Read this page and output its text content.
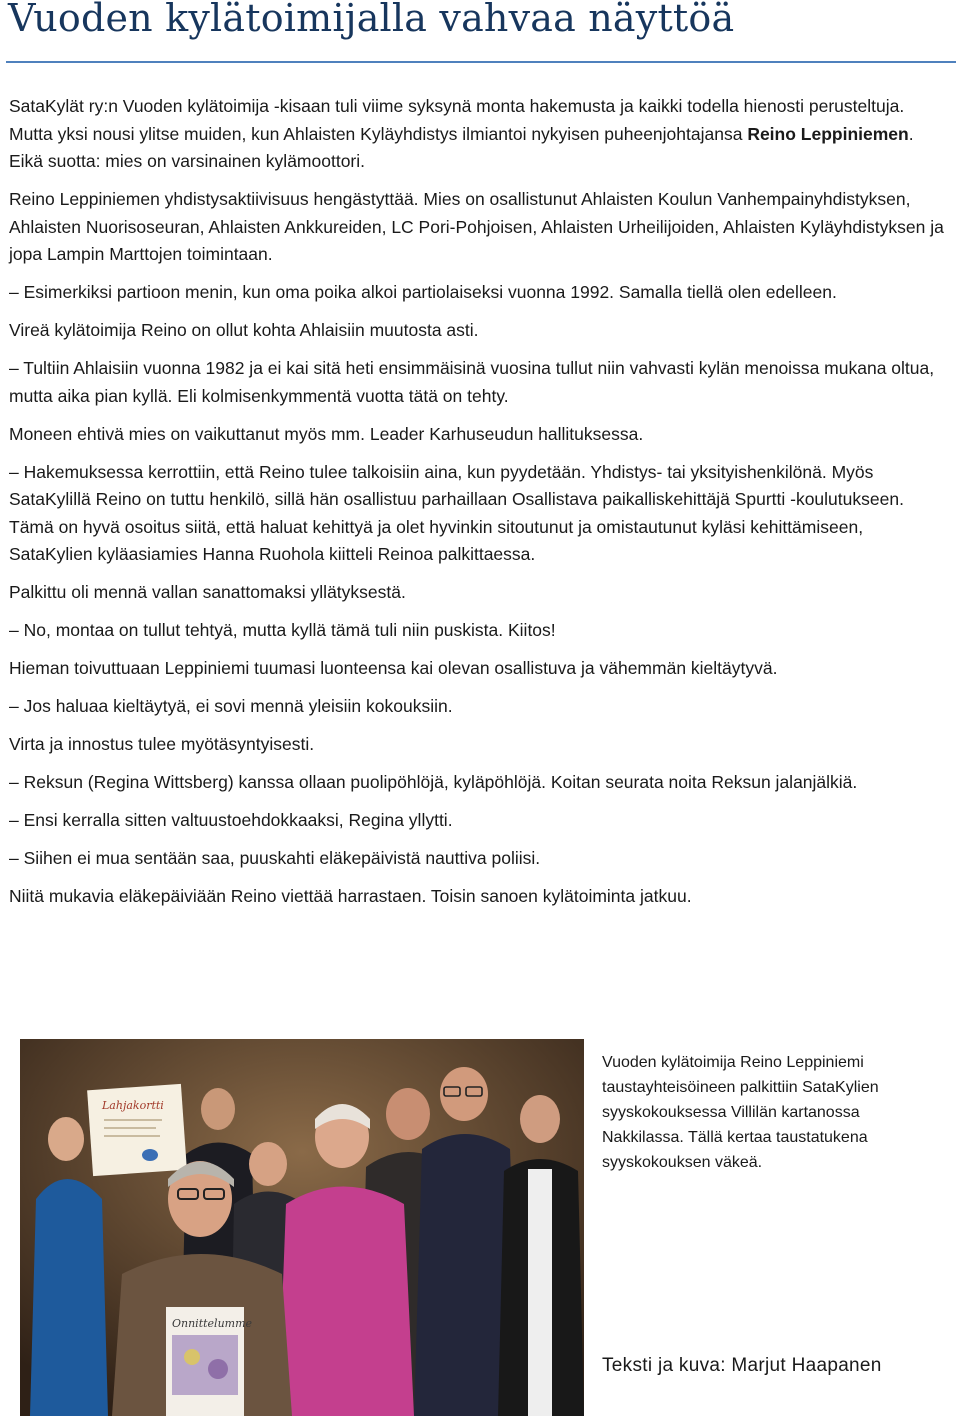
Vuoden kylätoimijalla vahvaa näyttöä

SataKylät ry:n Vuoden kylätoimija -kisaan tuli viime syksynä monta hakemusta ja kaikki todella hienosti perusteltuja. Mutta yksi nousi ylitse muiden, kun Ahlaisten Kyläyhdistys ilmiantoi nykyisen puheenjohtajansa Reino Leppiniemen. Eikä suotta: mies on varsinainen kylämoottori.

Reino Leppiniemen yhdistysaktiivisuus hengästyttää. Mies on osallistunut Ahlaisten Koulun Vanhempainyhdistyksen, Ahlaisten Nuorisoseuran, Ahlaisten Ankkureiden, LC Pori-Pohjoisen, Ahlaisten Urheilijoiden, Ahlaisten Kyläyhdistyksen ja jopa Lampin Marttojen toimintaan.

– Esimerkiksi partioon menin, kun oma poika alkoi partiolaiseksi vuonna 1992. Samalla tiellä olen edelleen.

Vireä kylätoimija Reino on ollut kohta Ahlaisiin muutosta asti.

– Tultiin Ahlaisiin vuonna 1982 ja ei kai sitä heti ensimmäisinä vuosina tullut niin vahvasti kylän menoissa mukana oltua, mutta aika pian kyllä. Eli kolmisenkymmentä vuotta tätä on tehty.

Moneen ehtivä mies on vaikuttanut myös mm. Leader Karhuseudun hallituksessa.

– Hakemuksessa kerrottiin, että Reino tulee talkoisiin aina, kun pyydetään. Yhdistys- tai yksityishenkilönä. Myös SataKylillä Reino on tuttu henkilö, sillä hän osallistuu parhaillaan Osallistava paikalliskehittäjä Spurtti -koulutukseen. Tämä on hyvä osoitus siitä, että haluat kehittyä ja olet hyvinkin sitoutunut ja omistautunut kyläsi kehittämiseen, SataKylien kyläasiamies Hanna Ruohola kiitteli Reinoa palkittaessa.

Palkittu oli mennä vallan sanattomaksi yllätyksestä.

– No, montaa on tullut tehtyä, mutta kyllä tämä tuli niin puskista. Kiitos!

Hieman toivuttuaan Leppiniemi tuumasi luonteensa kai olevan osallistuva ja vähemmän kieltäytyvä.

– Jos haluaa kieltäytyä, ei sovi mennä yleisiin kokouksiin.

Virta ja innostus tulee myötäsyntyisesti.

– Reksun (Regina Wittsberg) kanssa ollaan puolipöhlöjä, kyläpöhlöjä. Koitan seurata noita Reksun jalanjälkiä.

– Ensi kerralla sitten valtuustoehdokkaaksi, Regina yllytti.

– Siihen ei mua sentään saa, puuskahti eläkepäivistä nauttiva poliisi.

Niitä mukavia eläkepäiviään Reino viettää harrastaen. Toisin sanoen kylätoiminta jatkuu.

Lahjakortti
Onnittelumme
Vuoden kylätoimija Reino Leppiniemi taustayhteisöineen palkittiin SataKylien syyskokouksessa Villilän kartanossa Nakkilassa. Tällä kertaa taustatukena syyskokouksen väkeä.
Teksti ja kuva: Marjut Haapanen
